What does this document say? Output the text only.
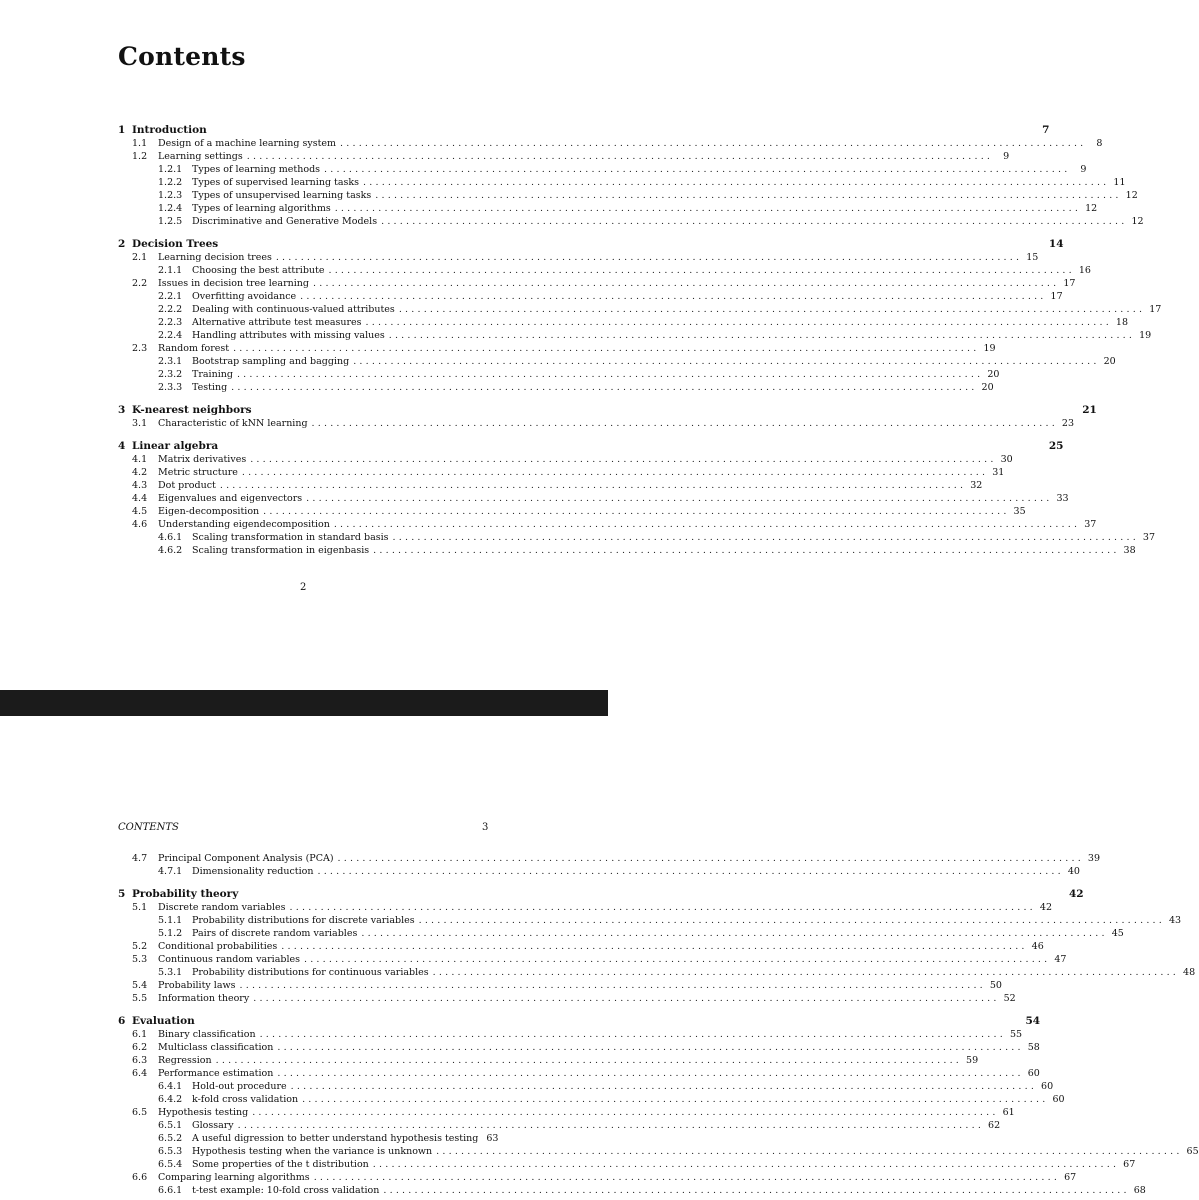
Contents
1 Introduction	7
1.1	Design of a machine learning system ........................................................................................................................	8
1.2	Learning settings ........................................................................................................................	9
1.2.1	Types of learning methods ........................................................................................................................	9
1.2.2	Types of supervised learning tasks ........................................................................................................................ 11
1.2.3	Types of unsupervised learning tasks ........................................................................................................................ 12
1.2.4	Types of learning algorithms ........................................................................................................................ 12
1.2.5	Discriminative and Generative Models ........................................................................................................................ 12
2 Decision Trees	14
2.1	Learning decision trees ........................................................................................................................ 15
2.1.1	Choosing the best attribute ........................................................................................................................ 16
2.2	Issues in decision tree learning ........................................................................................................................ 17
2.2.1	Overfitting avoidance ........................................................................................................................ 17
2.2.2	Dealing with continuous-valued attributes ........................................................................................................................ 17
2.2.3	Alternative attribute test measures ........................................................................................................................ 18
2.2.4	Handling attributes with missing values ........................................................................................................................ 19
2.3	Random forest ........................................................................................................................ 19
2.3.1	Bootstrap sampling and bagging ........................................................................................................................ 20
2.3.2	Training ........................................................................................................................ 20
2.3.3	Testing ........................................................................................................................ 20
3 K-nearest neighbors	21
3.1	Characteristic of kNN learning ........................................................................................................................ 23
4 Linear algebra	25
4.1	Matrix derivatives ........................................................................................................................ 30
4.2	Metric structure ........................................................................................................................ 31
4.3	Dot product ........................................................................................................................ 32
4.4	Eigenvalues and eigenvectors ........................................................................................................................ 33
4.5	Eigen-decomposition ........................................................................................................................ 35
4.6	Understanding eigendecomposition ........................................................................................................................ 37
4.6.1	Scaling transformation in standard basis ........................................................................................................................ 37
4.6.2	Scaling transformation in eigenbasis ........................................................................................................................ 38
2
CONTENTS	3
4.7	Principal Component Analysis (PCA) ........................................................................................................................ 39
4.7.1	Dimensionality reduction ........................................................................................................................ 40
5 Probability theory	42
5.1	Discrete random variables ........................................................................................................................ 42
5.1.1	Probability distributions for discrete variables ........................................................................................................................ 43
5.1.2	Pairs of discrete random variables ........................................................................................................................ 45
5.2	Conditional probabilities ........................................................................................................................ 46
5.3	Continuous random variables ........................................................................................................................ 47
5.3.1	Probability distributions for continuous variables ........................................................................................................................ 48
5.4	Probability laws ........................................................................................................................ 50
5.5	Information theory ........................................................................................................................ 52
6 Evaluation	54
6.1	Binary classification ........................................................................................................................ 55
6.2	Multiclass classification ........................................................................................................................ 58
6.3	Regression ........................................................................................................................ 59
6.4	Performance estimation ........................................................................................................................ 60
6.4.1	Hold-out procedure ........................................................................................................................ 60
6.4.2	k-fold cross validation ........................................................................................................................ 60
6.5	Hypothesis testing ........................................................................................................................ 61
6.5.1	Glossary ........................................................................................................................ 62
6.5.2	A useful digression to better understand hypothesis testing 63
6.5.3	Hypothesis testing when the variance is unknown ........................................................................................................................ 65
6.5.4	Some properties of the t distribution ........................................................................................................................ 67
6.6	Comparing learning algorithms ........................................................................................................................ 67
6.6.1	t-test example: 10-fold cross validation ........................................................................................................................ 68
